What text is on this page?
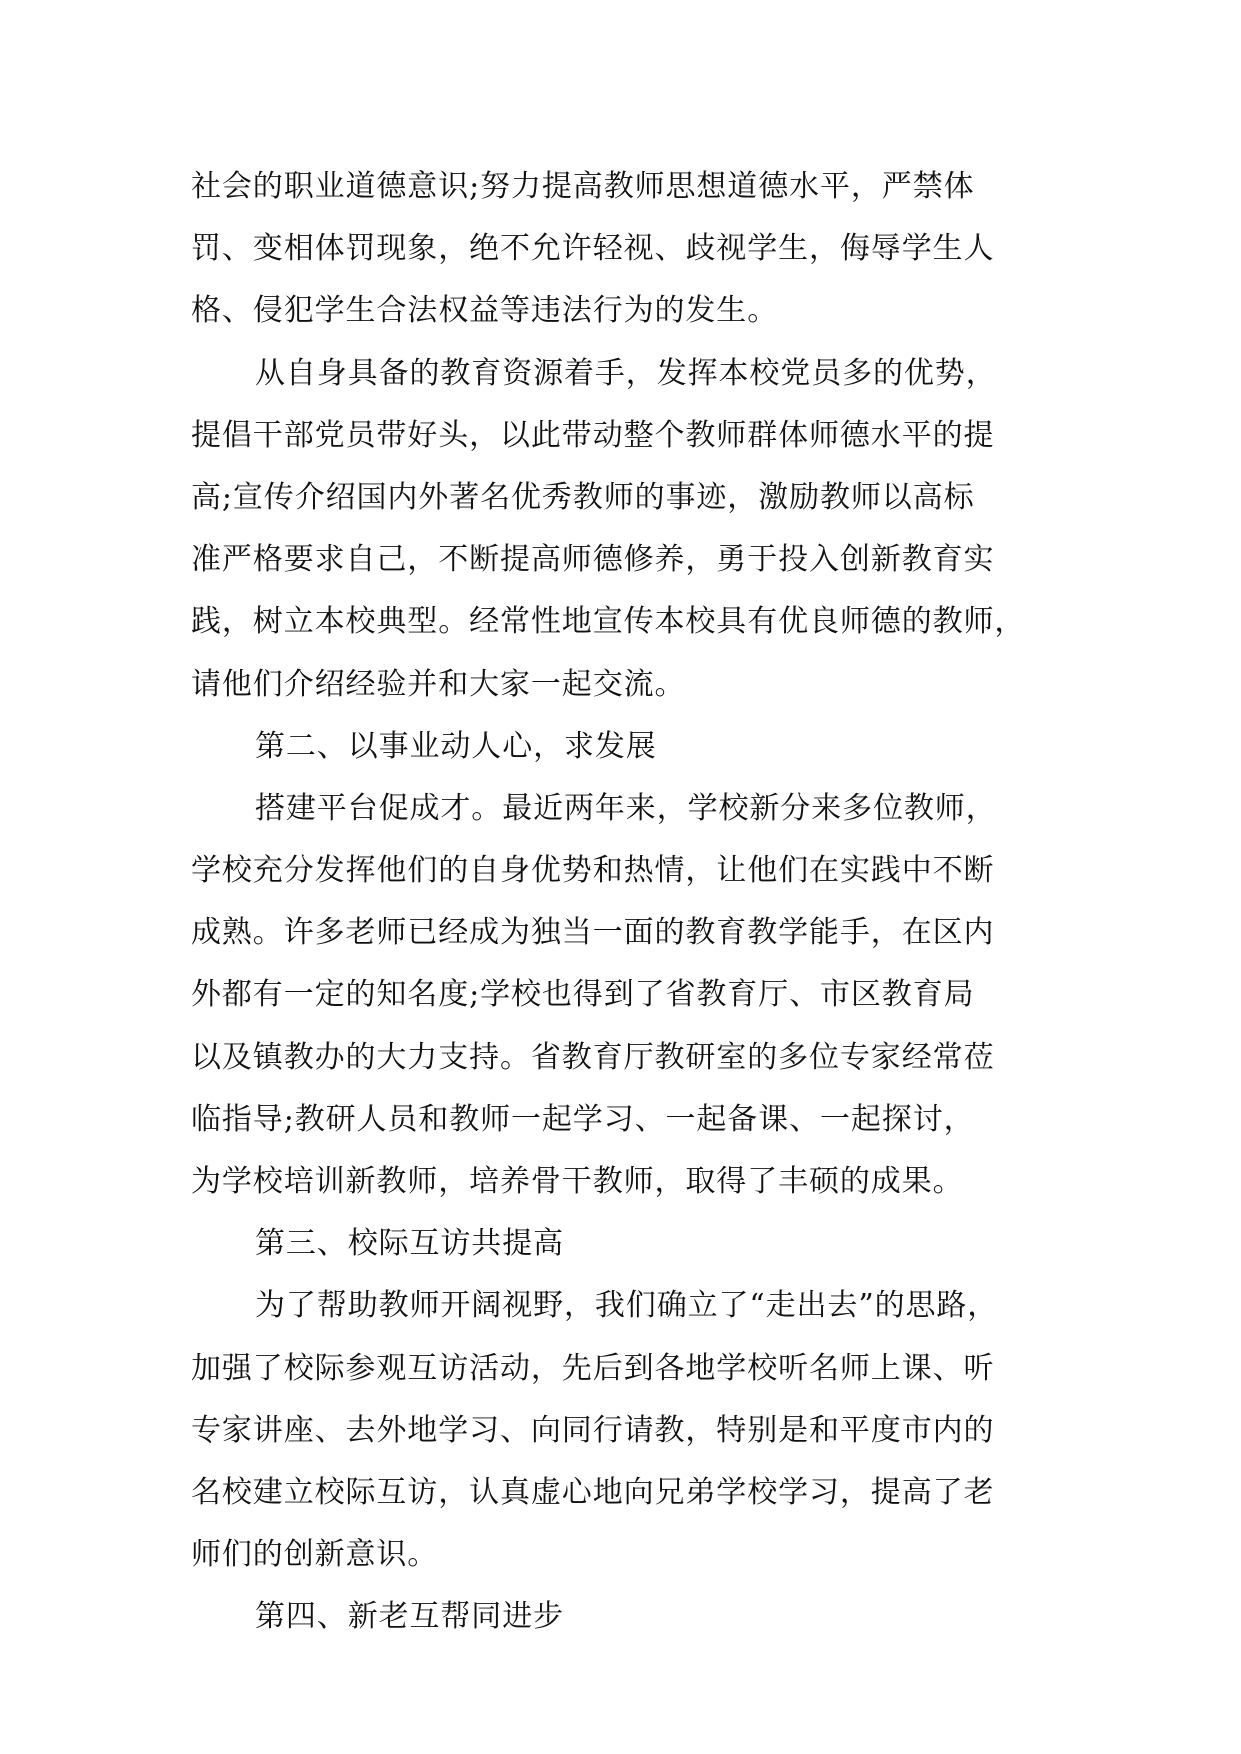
社会的职业道德意识;努力提高教师思想道德水平，严禁体
罚、变相体罚现象，绝不允许轻视、歧视学生，侮辱学生人
格、侵犯学生合法权益等违法行为的发生。
从自身具备的教育资源着手，发挥本校党员多的优势，
提倡干部党员带好头，以此带动整个教师群体师德水平的提
高;宣传介绍国内外著名优秀教师的事迹，激励教师以高标
准严格要求自己，不断提高师德修养，勇于投入创新教育实
践，树立本校典型。经常性地宣传本校具有优良师德的教师，
请他们介绍经验并和大家一起交流。
第二、以事业动人心，求发展
搭建平台促成才。最近两年来，学校新分来多位教师，
学校充分发挥他们的自身优势和热情，让他们在实践中不断
成熟。许多老师已经成为独当一面的教育教学能手，在区内
外都有一定的知名度;学校也得到了省教育厅、市区教育局
以及镇教办的大力支持。省教育厅教研室的多位专家经常莅
临指导;教研人员和教师一起学习、一起备课、一起探讨，
为学校培训新教师，培养骨干教师，取得了丰硕的成果。
第三、校际互访共提高
为了帮助教师开阔视野，我们确立了“走出去”的思路，
加强了校际参观互访活动，先后到各地学校听名师上课、听
专家讲座、去外地学习、向同行请教，特别是和平度市内的
名校建立校际互访，认真虚心地向兄弟学校学习，提高了老
师们的创新意识。
第四、新老互帮同进步
